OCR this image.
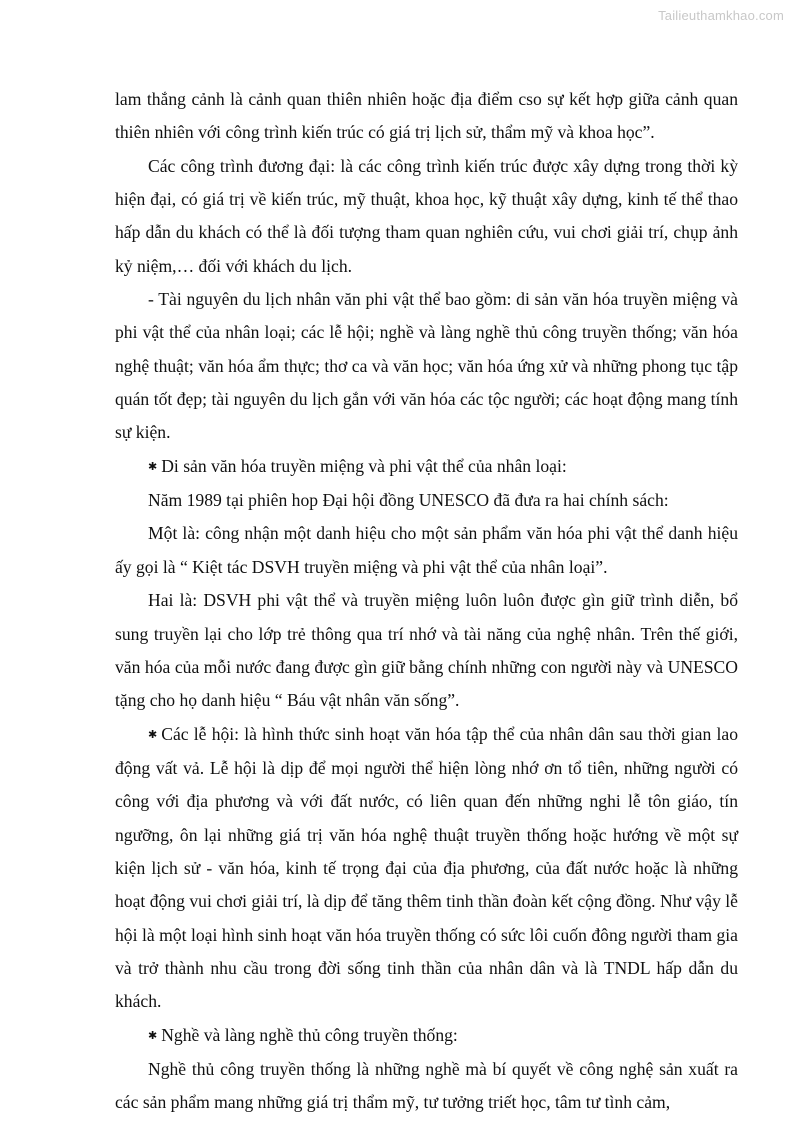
Tailieuthamkhao.com

lam thắng cảnh là cảnh quan thiên nhiên hoặc địa điểm cso sự kết hợp giữa cảnh quan thiên nhiên với công trình kiến trúc có giá trị lịch sử, thẩm mỹ và khoa học”.

Các công trình đương đại: là các công trình kiến trúc được xây dựng trong thời kỳ hiện đại, có giá trị về kiến trúc, mỹ thuật, khoa học, kỹ thuật xây dựng, kinh tế thể thao hấp dẫn du khách có thể là đối tượng tham quan nghiên cứu, vui chơi giải trí, chụp ảnh kỷ niệm,… đối với khách du lịch.

- Tài nguyên du lịch nhân văn phi vật thể bao gồm: di sản văn hóa truyền miệng và phi vật thể của nhân loại; các lễ hội; nghề và làng nghề thủ công truyền thống; văn hóa nghệ thuật; văn hóa ẩm thực; thơ ca và văn học; văn hóa ứng xử và những phong tục tập quán tốt đẹp; tài nguyên du lịch gắn với văn hóa các tộc người; các hoạt động mang tính sự kiện.

✱ Di sản văn hóa truyền miệng và phi vật thể của nhân loại:

Năm 1989 tại phiên hop Đại hội đồng UNESCO đã đưa ra hai chính sách:

Một là: công nhận một danh hiệu cho một sản phẩm văn hóa phi vật thể danh hiệu ấy gọi là “ Kiệt tác DSVH truyền miệng và phi vật thể của nhân loại”.

Hai là: DSVH phi vật thể và truyền miệng luôn luôn được gìn giữ trình diễn, bổ sung truyền lại cho lớp trẻ thông qua trí nhớ và tài năng của nghệ nhân. Trên thế giới, văn hóa của mỗi nước đang được gìn giữ bằng chính những con người này và UNESCO tặng cho họ danh hiệu “ Báu vật nhân văn sống”.

✱ Các lễ hội: là hình thức sinh hoạt văn hóa tập thể của nhân dân sau thời gian lao động vất vả. Lễ hội là dịp để mọi người thể hiện lòng nhớ ơn tổ tiên, những người có công với địa phương và với đất nước, có liên quan đến những nghi lễ tôn giáo, tín ngưỡng, ôn lại những giá trị văn hóa nghệ thuật truyền thống hoặc hướng về một sự kiện lịch sử - văn hóa, kinh tế trọng đại của địa phương, của đất nước hoặc là những hoạt động vui chơi giải trí, là dịp để tăng thêm tinh thần đoàn kết cộng đồng. Như vậy lễ hội là một loại hình sinh hoạt văn hóa truyền thống có sức lôi cuốn đông người tham gia và trở thành nhu cầu trong đời sống tinh thần của nhân dân và là TNDL hấp dẫn du khách.

✱ Nghề và làng nghề thủ công truyền thống:

Nghề thủ công truyền thống là những nghề mà bí quyết về công nghệ sản xuất ra các sản phẩm mang những giá trị thẩm mỹ, tư tưởng triết học, tâm tư tình cảm,
